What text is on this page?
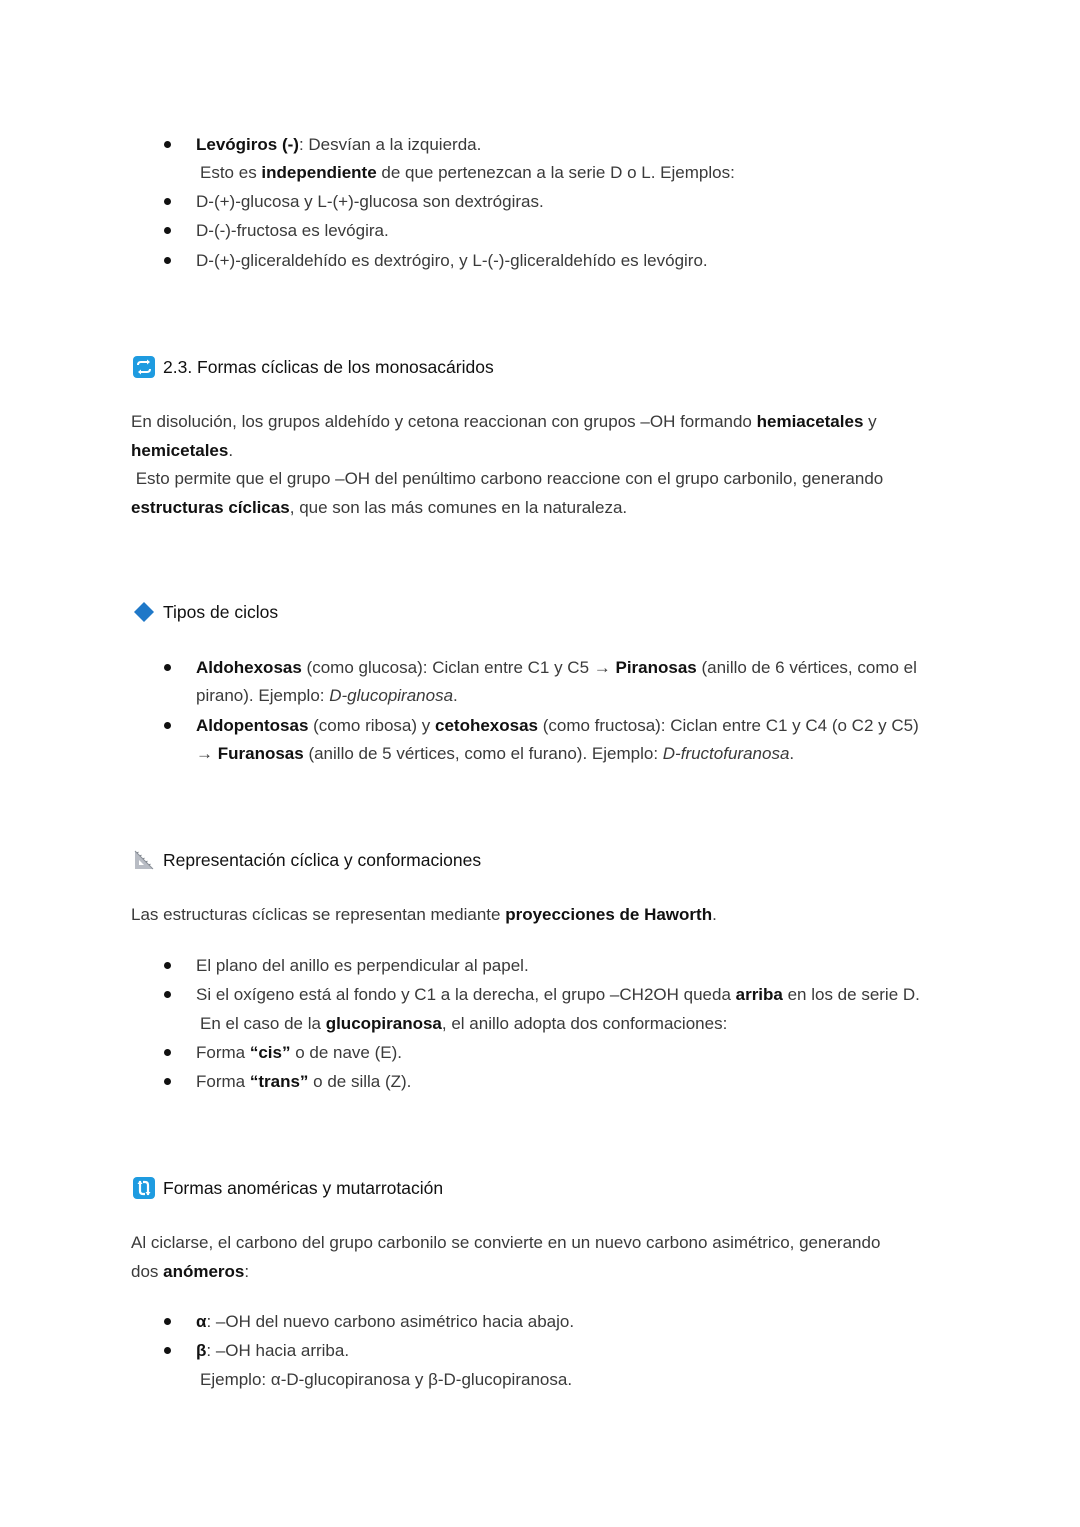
Levógiros (-): Desvían a la izquierda.
Esto es independiente de que pertenezcan a la serie D o L. Ejemplos:
D-(+)-glucosa y L-(+)-glucosa son dextrógiras.
D-(-)-fructosa es levógira.
D-(+)-gliceraldehído es dextrógiro, y L-(-)-gliceraldehído es levógiro.
2.3. Formas cíclicas de los monosacáridos
En disolución, los grupos aldehído y cetona reaccionan con grupos –OH formando hemiacetales y
hemicetales.
Esto permite que el grupo –OH del penúltimo carbono reaccione con el grupo carbonilo, generando
estructuras cíclicas, que son las más comunes en la naturaleza.
Tipos de ciclos
Aldohexosas (como glucosa): Ciclan entre C1 y C5 → Piranosas (anillo de 6 vértices, como el
pirano). Ejemplo: D-glucopiranosa.
Aldopentosas (como ribosa) y cetohexosas (como fructosa): Ciclan entre C1 y C4 (o C2 y C5)
→ Furanosas (anillo de 5 vértices, como el furano). Ejemplo: D-fructofuranosa.
Representación cíclica y conformaciones
Las estructuras cíclicas se representan mediante proyecciones de Haworth.
El plano del anillo es perpendicular al papel.
Si el oxígeno está al fondo y C1 a la derecha, el grupo –CH2OH queda arriba en los de serie D.
En el caso de la glucopiranosa, el anillo adopta dos conformaciones:
Forma “cis” o de nave (E).
Forma “trans” o de silla (Z).
Formas anoméricas y mutarrotación
Al ciclarse, el carbono del grupo carbonilo se convierte en un nuevo carbono asimétrico, generando
dos anómeros:
α: –OH del nuevo carbono asimétrico hacia abajo.
β: –OH hacia arriba.
Ejemplo: α-D-glucopiranosa y β-D-glucopiranosa.
